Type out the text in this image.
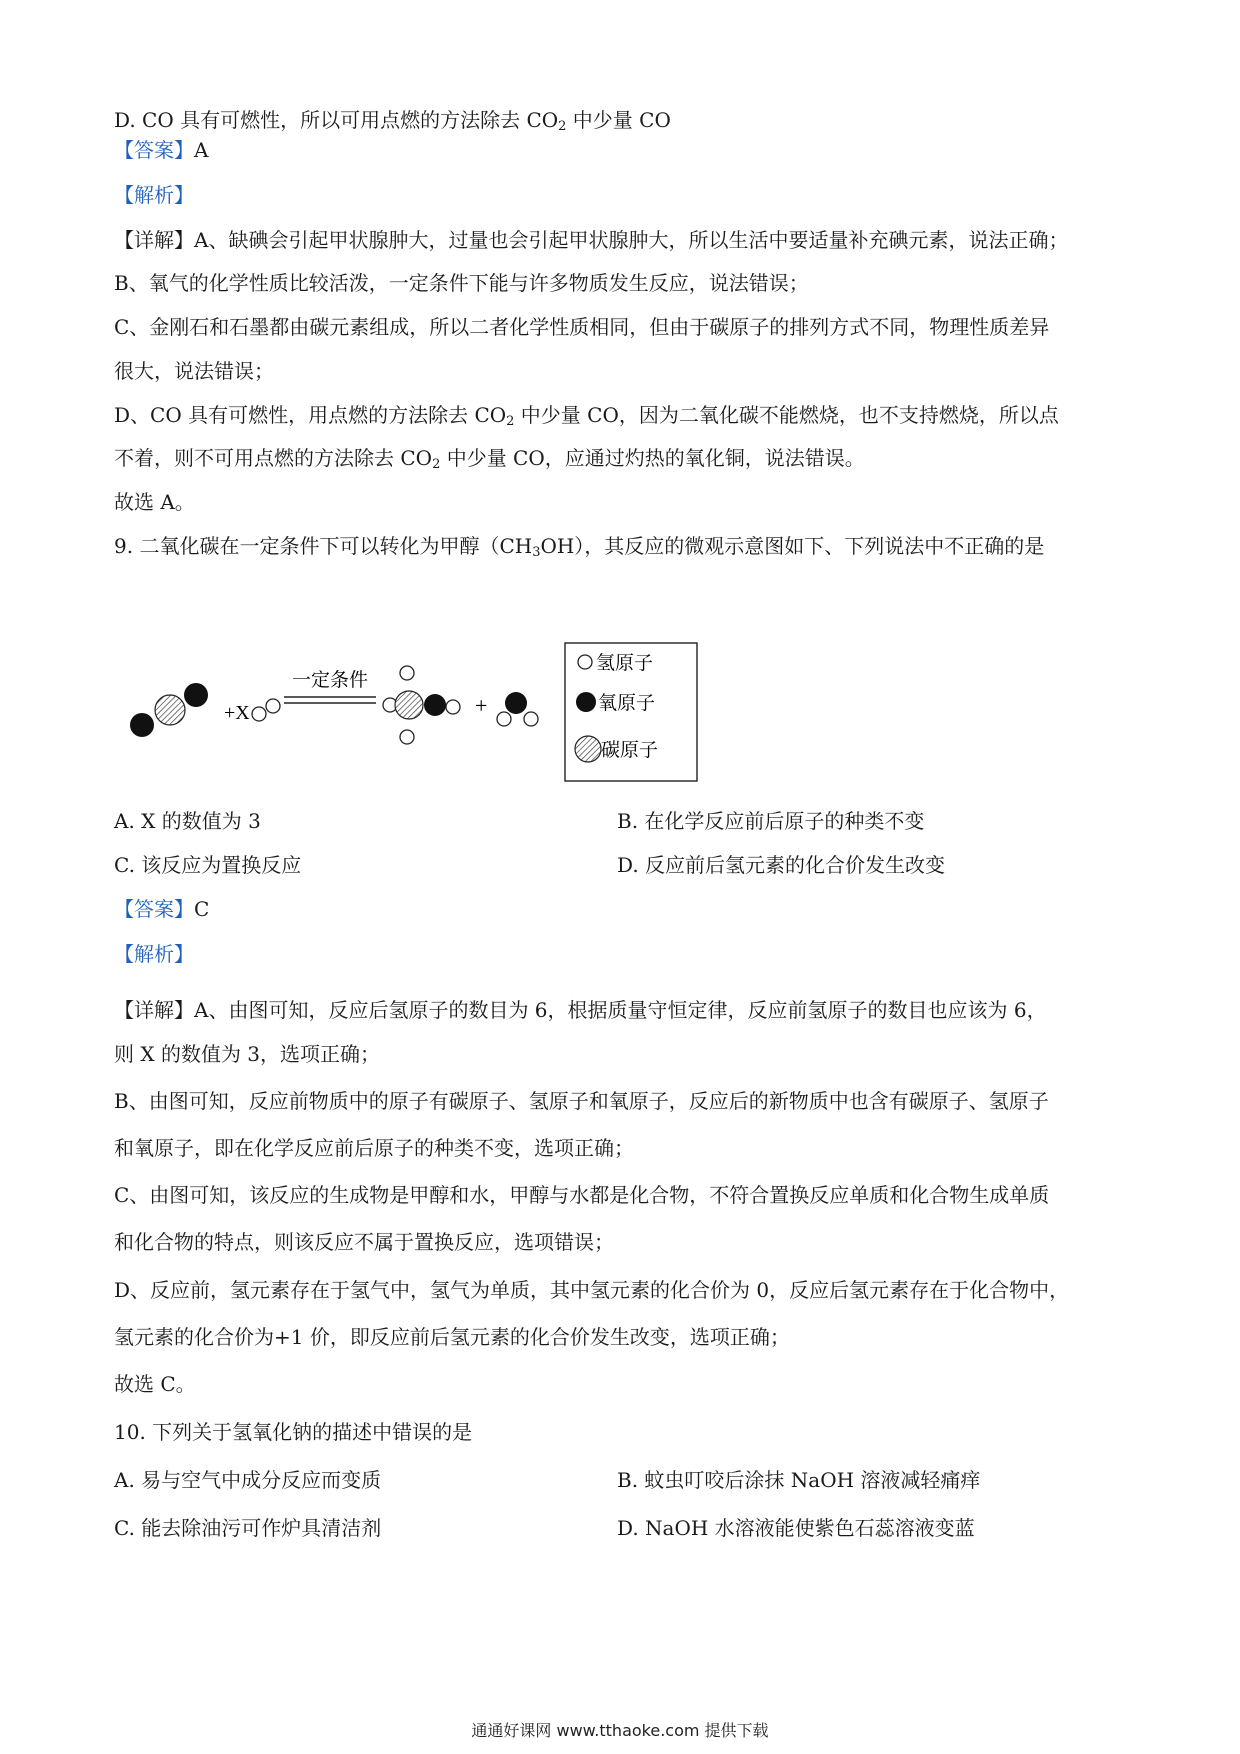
D. CO 具有可燃性，所以可用点燃的方法除去 $CO_2$ 中少量 CO
【答案】A
【解析】
【详解】A、缺碘会引起甲状腺肿大，过量也会引起甲状腺肿大，所以生活中要适量补充碘元素，说法正确；
B、氧气的化学性质比较活泼，一定条件下能与许多物质发生反应，说法错误；
C、金刚石和石墨都由碳元素组成，所以二者化学性质相同，但由于碳原子的排列方式不同，物理性质差异
很大，说法错误；
D、CO 具有可燃性，用点燃的方法除去 $CO_2$ 中少量 CO，因为二氧化碳不能燃烧，也不支持燃烧，所以点
不着，则不可用点燃的方法除去 $CO_2$ 中少量 CO，应通过灼热的氧化铜，说法错误。
故选 A。
9. 二氧化碳在一定条件下可以转化为甲醇$(CH_3OH)$，其反应的微观示意图如下、下列说法中不正确的是
+X
一定条件
+
氢原子
氧原子
碳原子
A. X 的数值为 3	B. 在化学反应前后原子的种类不变
C. 该反应为置换反应	D. 反应前后氢元素的化合价发生改变
【答案】C
【解析】
【详解】A、由图可知，反应后氢原子的数目为 6，根据质量守恒定律，反应前氢原子的数目也应该为 6，
则 X 的数值为 3，选项正确；
B、由图可知，反应前物质中的原子有碳原子、氢原子和氧原子，反应后的新物质中也含有碳原子、氢原子
和氧原子，即在化学反应前后原子的种类不变，选项正确；
C、由图可知，该反应的生成物是甲醇和水，甲醇与水都是化合物，不符合置换反应单质和化合物生成单质
和化合物的特点，则该反应不属于置换反应，选项错误；
D、反应前，氢元素存在于氢气中，氢气为单质，其中氢元素的化合价为 0，反应后氢元素存在于化合物中，
氢元素的化合价为+1 价，即反应前后氢元素的化合价发生改变，选项正确；
故选 C。
10. 下列关于氢氧化钠的描述中错误的是
A. 易与空气中成分反应而变质	B. 蚊虫叮咬后涂抹 NaOH 溶液减轻痛痒
C. 能去除油污可作炉具清洁剂	D. NaOH 水溶液能使紫色石蕊溶液变蓝
通通好课网 www.tthaoke.com 提供下载
